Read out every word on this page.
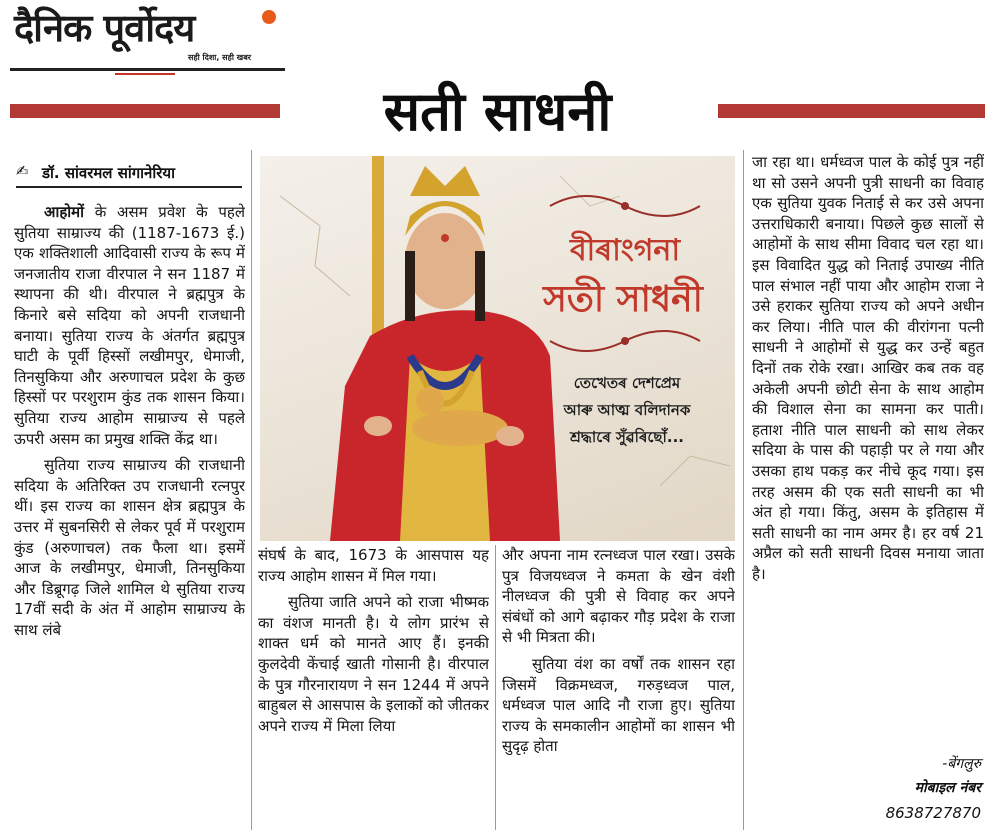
दैनिक पूर्वोदय
सही दिशा, सही खबर
सती साधनी
✍ डॉ. सांवरमल सांगानेरिया

आहोमों के असम प्रवेश के पहले सुतिया साम्राज्य की (1187-1673 ई.) एक शक्तिशाली आदिवासी राज्य के रूप में जनजातीय राजा वीरपाल ने सन 1187 में स्थापना की थी। वीरपाल ने ब्रह्मपुत्र के किनारे बसे सदिया को अपनी राजधानी बनाया। सुतिया राज्य के अंतर्गत ब्रह्मपुत्र घाटी के पूर्वी हिस्सों लखीमपुर, धेमाजी, तिनसुकिया और अरुणाचल प्रदेश के कुछ हिस्सों पर परशुराम कुंड तक शासन किया। सुतिया राज्य आहोम साम्राज्य से पहले ऊपरी असम का प्रमुख शक्ति केंद्र था।

सुतिया राज्य साम्राज्य की राजधानी सदिया के अतिरिक्त उप राजधानी रत्नपुर थीं। इस राज्य का शासन क्षेत्र ब्रह्मपुत्र के उत्तर में सुबनसिरी से लेकर पूर्व में परशुराम कुंड (अरुणाचल) तक फैला था। इसमें आज के लखीमपुर, धेमाजी, तिनसुकिया और डिब्रूगढ़ जिले शामिल थे सुतिया राज्य 17वीं सदी के अंत में आहोम साम्राज्य के साथ लंबे

বীৰাংগনা
সতী সাধনী
তেখেতৰ দেশপ্ৰেম
আৰু আত্ম বলিদানক
শ্ৰদ্ধাৰে সুঁৱৰিছোঁ...

संघर्ष के बाद, 1673 के आसपास यह राज्य आहोम शासन में मिल गया।

सुतिया जाति अपने को राजा भीष्मक का वंशज मानती है। ये लोग प्रारंभ से शाक्त धर्म को मानते आए हैं। इनकी कुलदेवी केंचाई खाती गोसानी है। वीरपाल के पुत्र गौरनारायण ने सन 1244 में अपने बाहुबल से आसपास के इलाकों को जीतकर अपने राज्य में मिला लिया

और अपना नाम रत्नध्वज पाल रखा। उसके पुत्र विजयध्वज ने कमता के खेन वंशी नीलध्वज की पुत्री से विवाह कर अपने संबंधों को आगे बढ़ाकर गौड़ प्रदेश के राजा से भी मित्रता की।

सुतिया वंश का वर्षों तक शासन रहा जिसमें विक्रमध्वज, गरुड़ध्वज पाल, धर्मध्वज पाल आदि नौ राजा हुए। सुतिया राज्य के समकालीन आहोमों का शासन भी सुदृढ़ होता

जा रहा था। धर्मध्वज पाल के कोई पुत्र नहीं था सो उसने अपनी पुत्री साधनी का विवाह एक सुतिया युवक निताई से कर उसे अपना उत्तराधिकारी बनाया। पिछले कुछ सालों से आहोमों के साथ सीमा विवाद चल रहा था। इस विवादित युद्ध को निताई उपाख्य नीति पाल संभाल नहीं पाया और आहोम राजा ने उसे हराकर सुतिया राज्य को अपने अधीन कर लिया। नीति पाल की वीरांगना पत्नी साधनी ने आहोमों से युद्ध कर उन्हें बहुत दिनों तक रोके रखा। आखिर कब तक वह अकेली अपनी छोटी सेना के साथ आहोम की विशाल सेना का सामना कर पाती। हताश नीति पाल साधनी को साथ लेकर सदिया के पास की पहाड़ी पर ले गया और उसका हाथ पकड़ कर नीचे कूद गया। इस तरह असम की एक सती साधनी का भी अंत हो गया। किंतु, असम के इतिहास में सती साधनी का नाम अमर है। हर वर्ष 21 अप्रैल को सती साधनी दिवस मनाया जाता है।

-बेंगलुरु
मोबाइल नंबर
8638727870
